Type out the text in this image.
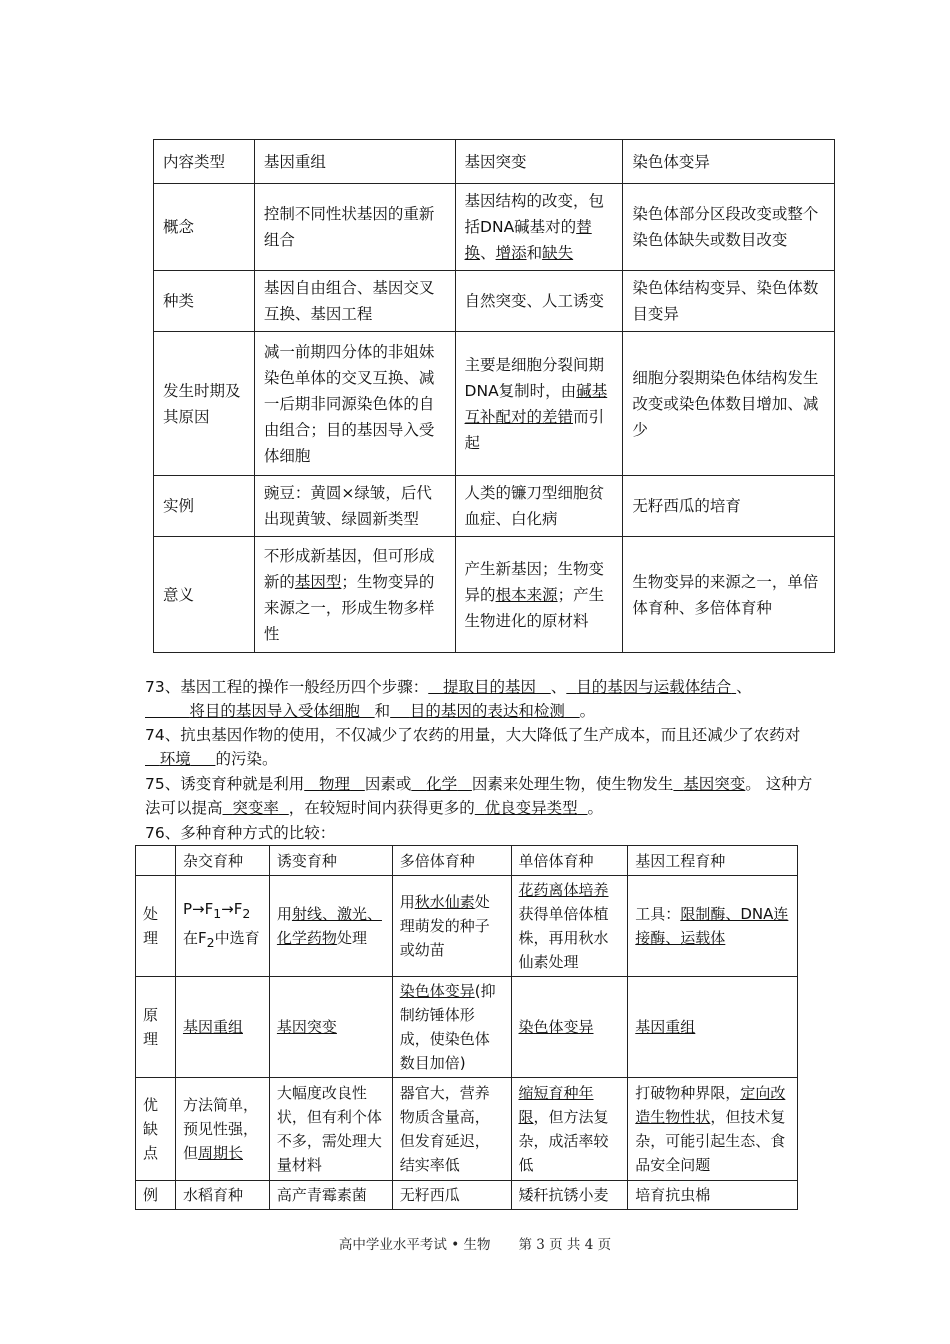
内容类型	基因重组	基因突变	染色体变异
概念	控制不同性状基因的重新组合	基因结构的改变，包括DNA碱基对的替换、增添和缺失	染色体部分区段改变或整个染色体缺失或数目改变
种类	基因自由组合、基因交叉互换、基因工程	自然突变、人工诱变	染色体结构变异、染色体数目变异
发生时期及其原因	减一前期四分体的非姐妹染色单体的交叉互换、减一后期非同源染色体的自由组合；目的基因导入受体细胞	主要是细胞分裂间期DNA复制时，由碱基互补配对的差错而引起	细胞分裂期染色体结构发生改变或染色体数目增加、减少
实例	豌豆：黄圆×绿皱，后代出现黄皱、绿圆新类型	人类的镰刀型细胞贫血症、白化病	无籽西瓜的培育
意义	不形成新基因，但可形成新的基因型；生物变异的来源之一，形成生物多样性	产生新基因；生物变异的根本来源；产生生物进化的原材料	生物变异的来源之一，单倍体育种、多倍体育种
73、基因工程的操作一般经历四个步骤： 提取目的基因 、 目的基因与运载体结合 、         将目的基因导入受体细胞 和 目的基因的表达和检测 。
74、抗虫基因作物的使用，不仅减少了农药的用量，大大降低了生产成本，而且还减少了农药对   环境 的污染。
75、诱变育种就是利用 物理 因素或 化学 因素来处理生物，使生物发生 基因突变。 这种方法可以提高 突变率 ，在较短时间内获得更多的 优良变异类型 。
76、多种育种方式的比较：
	杂交育种	诱变育种	多倍体育种	单倍体育种	基因工程育种
处理	$P\to F_1\to F_2$ 在$F_2$中选育	用射线、激光、化学药物处理	用秋水仙素处理萌发的种子或幼苗	花药离体培养获得单倍体植株，再用秋水仙素处理	工具：限制酶、DNA连接酶、运载体
原理	基因重组	基因突变	染色体变异(抑制纺锤体形成，使染色体数目加倍)	染色体变异	基因重组
优缺点	方法简单，预见性强，但周期长	大幅度改良性状，但有利个体不多，需处理大量材料	器官大，营养物质含量高，但发育延迟，结实率低	缩短育种年限，但方法复杂，成活率较低	打破物种界限，定向改造生物性状，但技术复杂，可能引起生态、食品安全问题
例	水稻育种	高产青霉素菌	无籽西瓜	矮秆抗锈小麦	培育抗虫棉
高中学业水平考试 • 生物 第 3 页 共 4 页
